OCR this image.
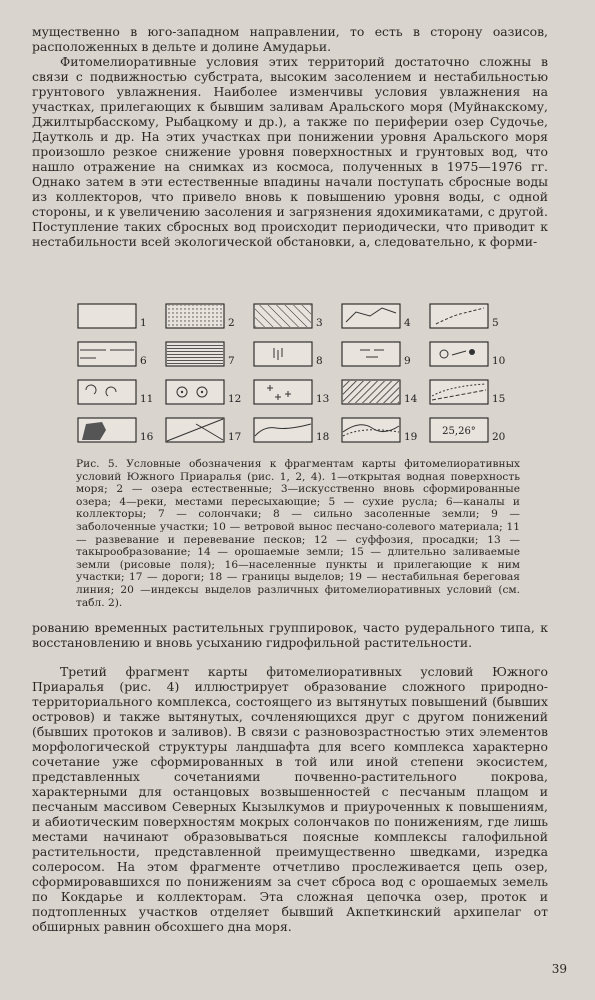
мущественно в юго-западном направлении, то есть в сторону оазисов, расположенных в дельте и долине Амударьи.

Фитомелиоративные условия этих территорий достаточно сложны в связи с подвижностью субстрата, высоким засолением и нестабильностью грунтового увлажнения. Наиболее изменчивы условия увлажнения на участках, прилегающих к бывшим заливам Аральского моря (Муйнакскому, Джилтырбасскому, Рыбацкому и др.), а также по периферии озер Судочье, Даутколь и др. На этих участках при понижении уровня Аральского моря произошло резкое снижение уровня поверхностных и грунтовых вод, что нашло отражение на снимках из космоса, полученных в 1975—1976 гг. Однако затем в эти естественные впадины начали поступать сбросные воды из коллекторов, что привело вновь к повышению уровня воды, с одной стороны, и к увеличению засоления и загрязнения ядохимикатами, с другой. Поступление таких сбросных вод происходит периодически, что приводит к нестабильности всей экологической обстановки, а, следовательно, к форми-

1	2	3	4	5
6	7	8	9	10
11	12	13	14	15
16	17	18	19 25,26° 20
Рис. 5. Условные обозначения к фрагментам карты фитомелиоративных условий Южного Приаралья (рис. 1, 2, 4). 1—открытая водная поверхность моря; 2 — озера естественные; 3—искусственно вновь сформированные озера; 4—реки, местами пересыхающие; 5 — сухие русла; 6—каналы и коллекторы; 7 — солончаки; 8 — сильно засоленные земли; 9 — заболоченные участки; 10 — ветровой вынос песчано-солевого материала; 11 — развевание и перевевание песков; 12 — суффозия, просадки; 13 — такырообразование; 14 — орошаемые земли; 15 — длительно заливаемые земли (рисовые поля); 16—населенные пункты и прилегающие к ним участки; 17 — дороги; 18 — границы выделов; 19 — нестабильная береговая линия; 20 —индексы выделов различных фитомелиоративных условий (см. табл. 2).

рованию временных растительных группировок, часто рудерального типа, к восстановлению и вновь усыханию гидрофильной растительности.

Третий фрагмент карты фитомелиоративных условий Южного Приаралья (рис. 4) иллюстрирует образование сложного природно-территориального комплекса, состоящего из вытянутых повышений (бывших островов) и также вытянутых, сочленяющихся друг с другом понижений (бывших протоков и заливов). В связи с разновозрастностью этих элементов морфологической структуры ландшафта для всего комплекса характерно сочетание уже сформированных в той или иной степени экосистем, представленных сочетаниями почвенно-растительного покрова, характерными для останцовых возвышенностей с песчаным плащом и песчаным массивом Северных Кызылкумов и приуроченных к повышениям, и абиотическим поверхностям мокрых солончаков по понижениям, где лишь местами начинают образовываться поясные комплексы галофильной растительности, представленной преимущественно шведками, изредка солеросом. На этом фрагменте отчетливо прослеживается цепь озер, сформировавшихся по понижениям за счет сброса вод с орошаемых земель по Кокдарье и коллекторам. Эта сложная цепочка озер, проток и подтопленных участков отделяет бывший Акпеткинский архипелаг от обширных равнин обсохшего дна моря.

39
